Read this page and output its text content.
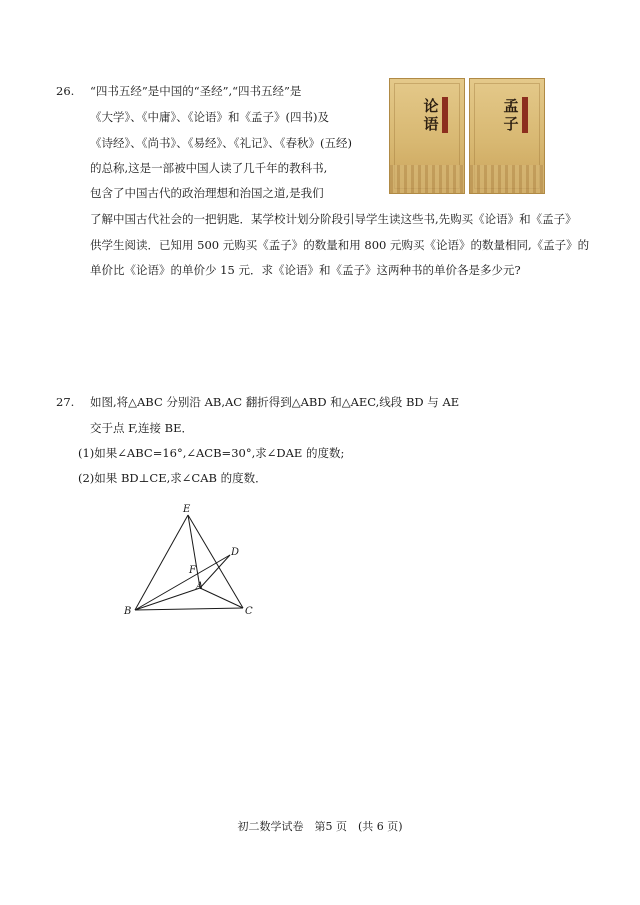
26. “四书五经”是中国的“圣经”,“四书五经”是
《大学》、《中庸》、《论语》和《孟子》(四书)及
《诗经》、《尚书》、《易经》、《礼记》、《春秋》(五经)
的总称,这是一部被中国人读了几千年的教科书,
包含了中国古代的政治理想和治国之道,是我们
了解中国古代社会的一把钥匙．某学校计划分阶段引导学生读这些书,先购买《论语》和《孟子》
供学生阅读．已知用 500 元购买《孟子》的数量和用 800 元购买《论语》的数量相同,《孟子》的
单价比《论语》的单价少 15 元．求《论语》和《孟子》这两种书的单价各是多少元?
论语
孟子
27. 如图,将△ABC 分别沿 AB,AC 翻折得到△ABD 和△AEC,线段 BD 与 AE
交于点 F,连接 BE．
(1)如果∠ABC=16°,∠ACB=30°,求∠DAE 的度数;
(2)如果 BD⊥CE,求∠CAB 的度数．
E
D
F
A
B	C
初二数学试卷　第5 页　(共 6 页)
